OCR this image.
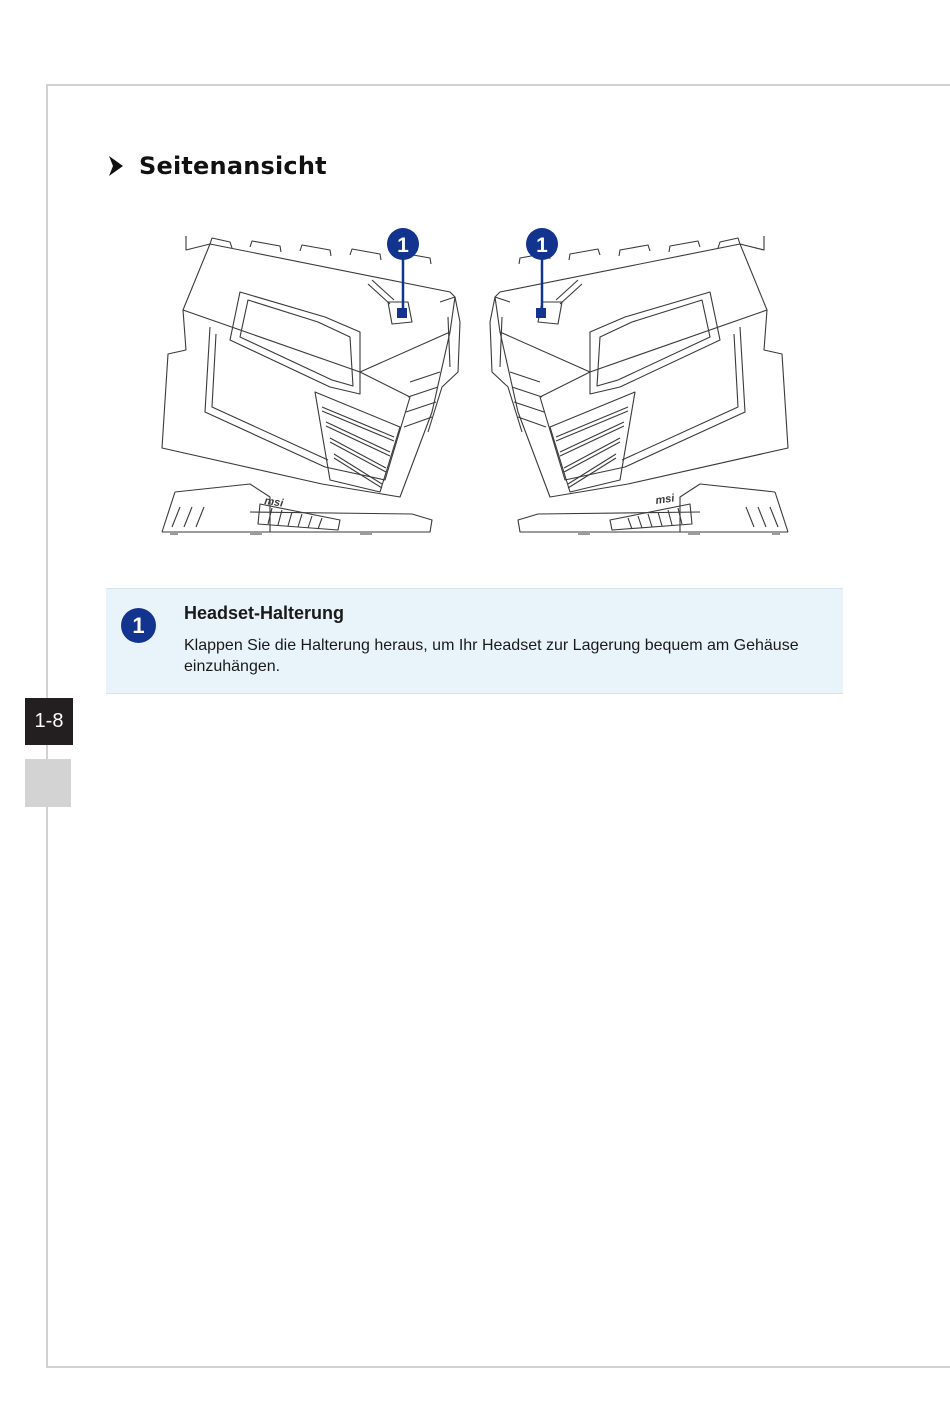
Seitenansicht
msi	msi
1	1
1	Headset-Halterung
Klappen Sie die Halterung heraus, um Ihr Headset zur Lagerung bequem am Gehäuse einzuhängen.
1-8
